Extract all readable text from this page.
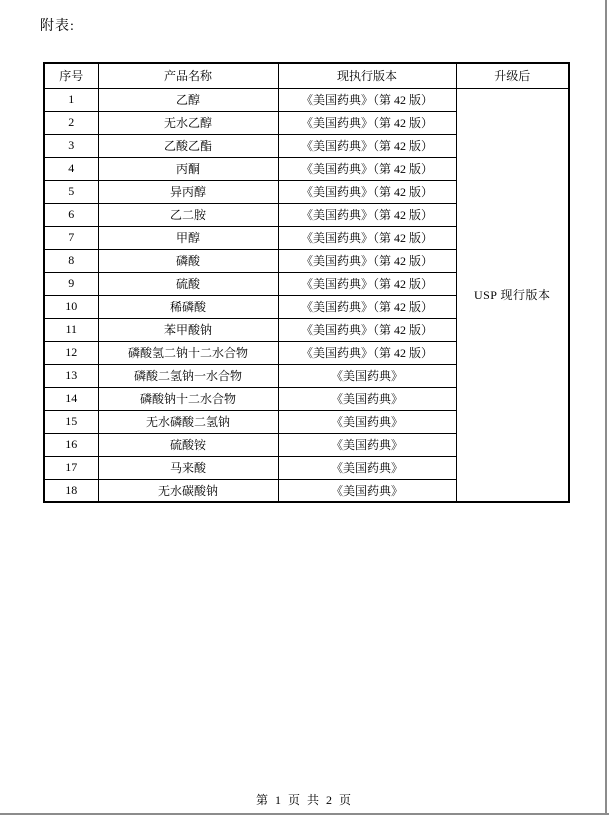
附表:
序号	产品名称	现执行版本	升级后
1	乙醇	《美国药典》（第 42 版）	USP 现行版本
2	无水乙醇	《美国药典》（第 42 版）	
3	乙酸乙酯	《美国药典》（第 42 版）	
4	丙酮	《美国药典》（第 42 版）	
5	异丙醇	《美国药典》（第 42 版）	
6	乙二胺	《美国药典》（第 42 版）	
7	甲醇	《美国药典》（第 42 版）	
8	磷酸	《美国药典》（第 42 版）	
9	硫酸	《美国药典》（第 42 版）	
10	稀磷酸	《美国药典》（第 42 版）	
11	苯甲酸钠	《美国药典》（第 42 版）	
12	磷酸氢二钠十二水合物	《美国药典》（第 42 版）	
13	磷酸二氢钠一水合物	《美国药典》	
14	磷酸钠十二水合物	《美国药典》	
15	无水磷酸二氢钠	《美国药典》	
16	硫酸铵	《美国药典》	
17	马来酸	《美国药典》	
18	无水碳酸钠	《美国药典》	
第 1 页 共 2 页
